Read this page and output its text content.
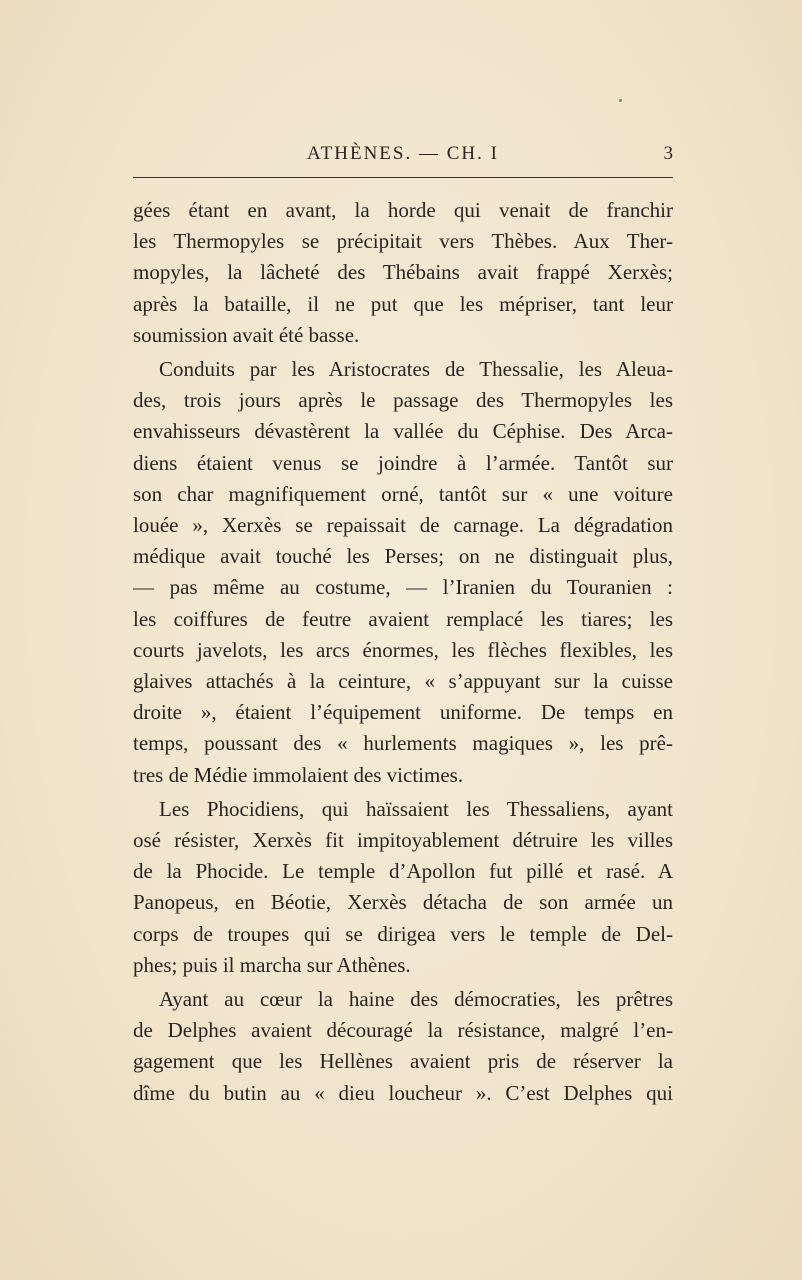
ATHÈNES. — CH. I	3
gées étant en avant, la horde qui venait de franchir
les Thermopyles se précipitait vers Thèbes. Aux Ther-
mopyles, la lâcheté des Thébains avait frappé Xerxès;
après la bataille, il ne put que les mépriser, tant leur
soumission avait été basse.
Conduits par les Aristocrates de Thessalie, les Aleua-
des, trois jours après le passage des Thermopyles les
envahisseurs dévastèrent la vallée du Céphise. Des Arca-
diens étaient venus se joindre à l’armée. Tantôt sur
son char magnifiquement orné, tantôt sur « une voiture
louée », Xerxès se repaissait de carnage. La dégradation
médique avait touché les Perses; on ne distinguait plus,
— pas même au costume, — l’Iranien du Touranien :
les coiffures de feutre avaient remplacé les tiares; les
courts javelots, les arcs énormes, les flèches flexibles, les
glaives attachés à la ceinture, « s’appuyant sur la cuisse
droite », étaient l’équipement uniforme. De temps en
temps, poussant des « hurlements magiques », les prê-
tres de Médie immolaient des victimes.
Les Phocidiens, qui haïssaient les Thessaliens, ayant
osé résister, Xerxès fit impitoyablement détruire les villes
de la Phocide. Le temple d’Apollon fut pillé et rasé. A
Panopeus, en Béotie, Xerxès détacha de son armée un
corps de troupes qui se dirigea vers le temple de Del-
phes; puis il marcha sur Athènes.
Ayant au cœur la haine des démocraties, les prêtres
de Delphes avaient découragé la résistance, malgré l’en-
gagement que les Hellènes avaient pris de réserver la
dîme du butin au « dieu loucheur ». C’est Delphes qui
